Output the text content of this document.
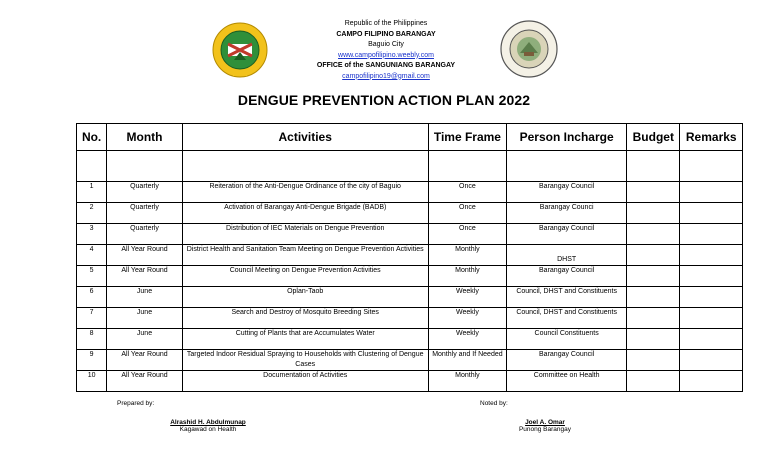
Republic of the Philippines
CAMPO FILIPINO BARANGAY
Baguio City
www.campofilipino.weebly.com
OFFICE of the SANGUNIANG BARANGAY
campofilipino19@gmail.com
DENGUE PREVENTION ACTION PLAN 2022
No.	Month	Activities	Time Frame	Person Incharge	Budget	Remarks

1	Quarterly	Reiteration of the Anti-Dengue Ordinance of the city of Baguio	Once	Barangay Council		
2	Quarterly	Activation of Barangay Anti-Dengue Brigade (BADB)	Once	Barangay Counci		
3	Quarterly	Distribution of IEC Materials on Dengue Prevention	Once	Barangay Council		
4	All Year Round	District Health and Sanitation Team Meeting on Dengue Prevention Activities	Monthly	DHST		
5	All Year Round	Council Meeting on Dengue Prevention Activities	Monthly	Barangay Council		
6	June	Oplan-Taob	Weekly	Council, DHST and Constituents		
7	June	Search and Destroy of Mosquito Breeding Sites	Weekly	Council, DHST and Constituents		
8	June	Cutting of Plants that are Accumulates Water	Weekly	Council Constituents		
9	All Year Round	Targeted Indoor Residual Spraying to Households with Clustering of Dengue Cases	Monthly and If Needed	Barangay Council		
10	All Year Round	Documentation of Activities	Monthly	Committee on Health		
Prepared by:
Alrashid H. Abdulmunap
Kagawad on Health
Noted by:
Joel A. Omar
Punong Barangay
